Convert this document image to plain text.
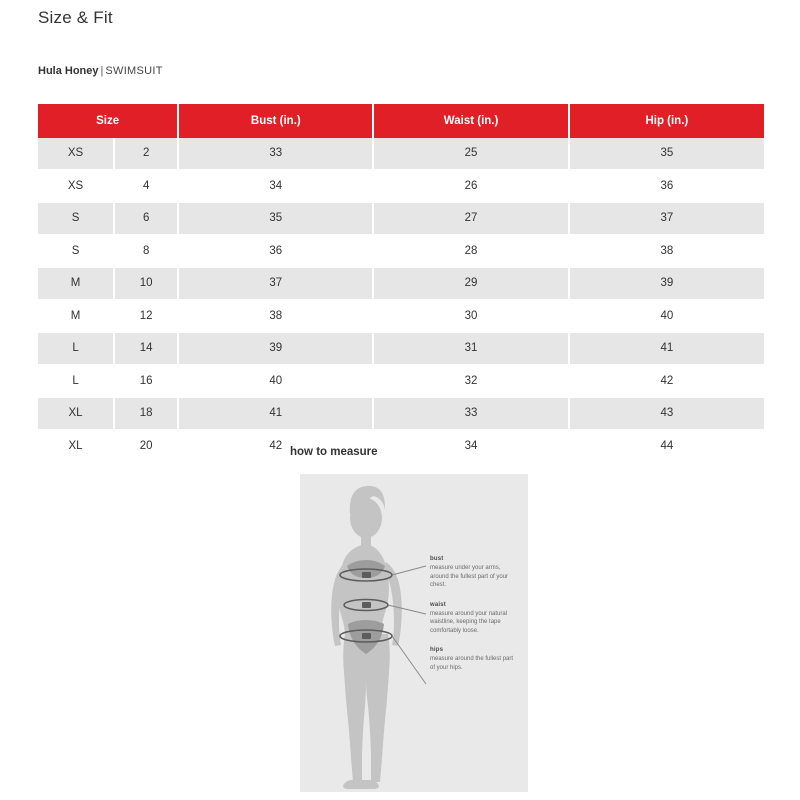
Size & Fit
Hula Honey | SWIMSUIT
Size		Bust (in.)	Waist (in.)	Hip (in.)
XS	2	33	25	35
XS	4	34	26	36
S	6	35	27	37
S	8	36	28	38
M	10	37	29	39
M	12	38	30	40
L	14	39	31	41
L	16	40	32	42
XL	18	41	33	43
XL	20	42	34	44
how to measure
bust
measure under your arms, around the fullest part of your chest.
waist
measure around your natural waistline, keeping the tape comfortably loose.
hips
measure around the fullest part of your hips.
